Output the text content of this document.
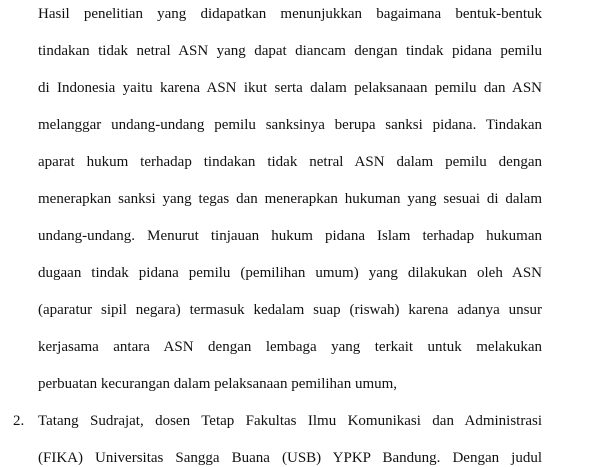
Hasil penelitian yang didapatkan menunjukkan bagaimana bentuk-bentuk
tindakan tidak netral ASN yang dapat diancam dengan tindak pidana pemilu
di Indonesia yaitu karena ASN ikut serta dalam pelaksanaan pemilu dan ASN
melanggar undang-undang pemilu sanksinya berupa sanksi pidana. Tindakan
aparat hukum terhadap tindakan tidak netral ASN dalam pemilu dengan
menerapkan sanksi yang tegas dan menerapkan hukuman yang sesuai di dalam
undang-undang. Menurut tinjauan hukum pidana Islam terhadap hukuman
dugaan tindak pidana pemilu (pemilihan umum) yang dilakukan oleh ASN
(aparatur sipil negara) termasuk kedalam suap (riswah) karena adanya unsur
kerjasama antara ASN dengan lembaga yang terkait untuk melakukan
perbuatan kecurangan dalam pelaksanaan pemilihan umum,
2. Tatang Sudrajat, dosen Tetap Fakultas Ilmu Komunikasi dan Administrasi
(FIKA) Universitas Sangga Buana (USB) YPKP Bandung. Dengan judul
